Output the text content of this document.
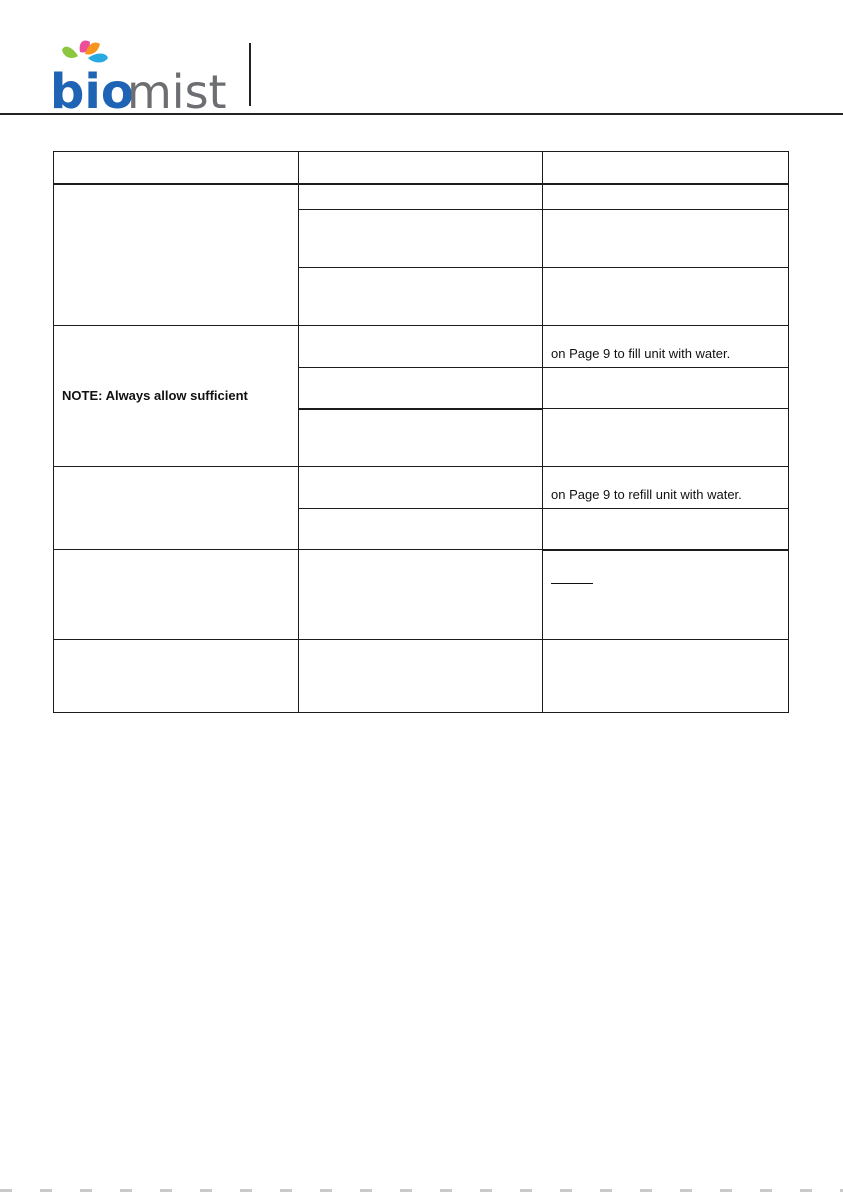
bio
mist
NOTE: Always allow sufficient
on Page 9 to fill unit with water.
on Page 9 to refill unit with water.
